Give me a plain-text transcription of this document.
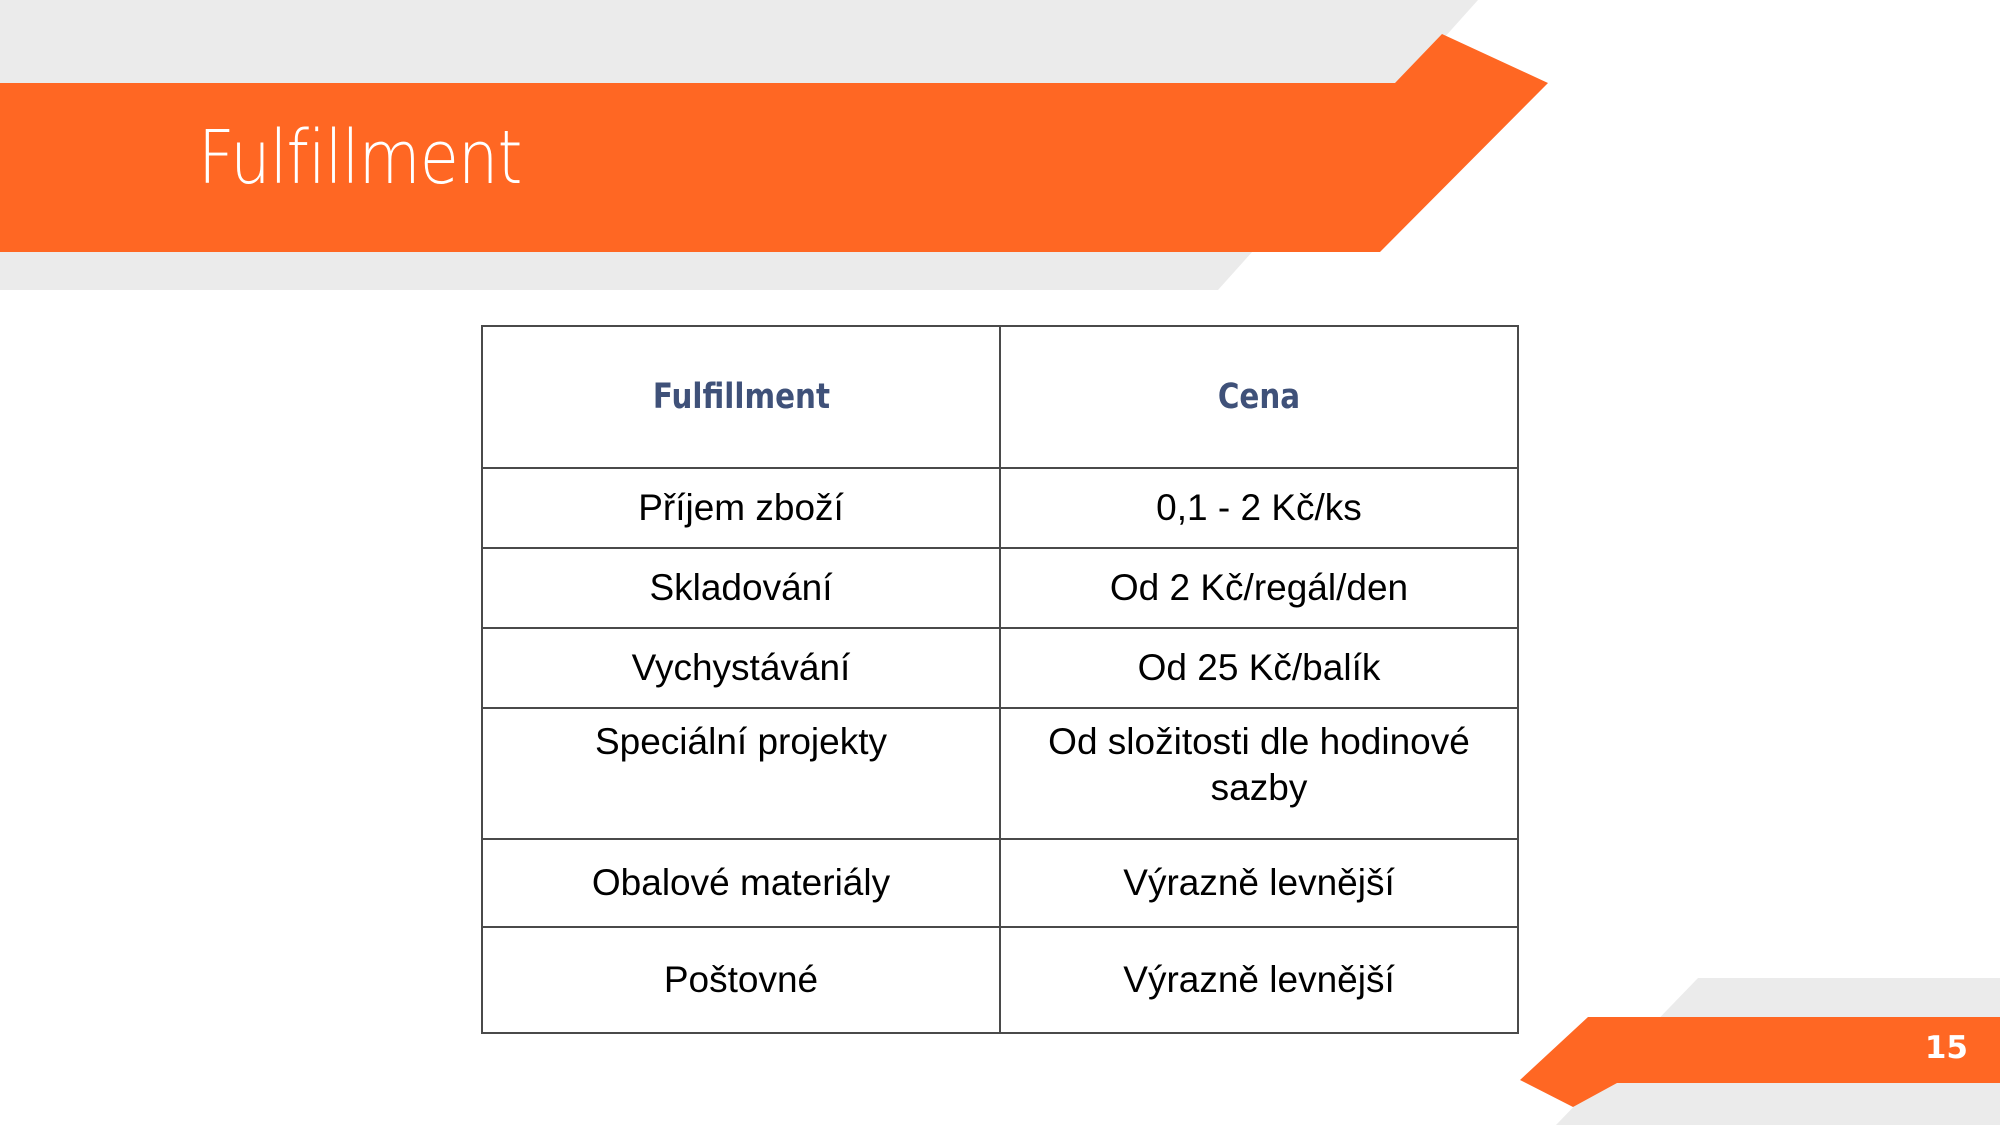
Fulfillment
Fulfillment	Cena
Příjem zboží	0,1 - 2 Kč/ks
Skladování	Od 2 Kč/regál/den
Vychystávání	Od 25 Kč/balík
Speciální projekty	Od složitosti dle hodinové sazby
Obalové materiály	Výrazně levnější
Poštovné	Výrazně levnější
15
